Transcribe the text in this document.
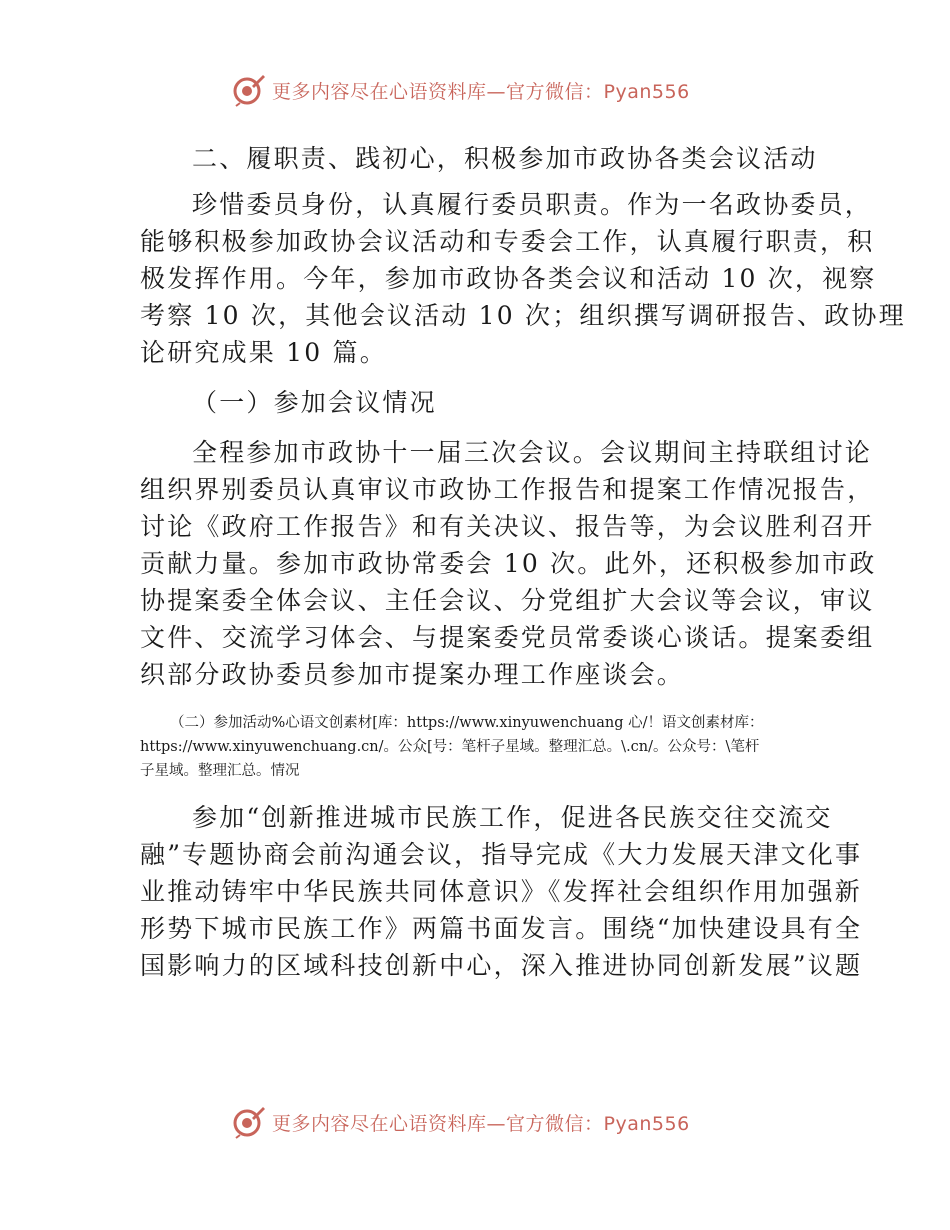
更多内容尽在心语资料库—官方微信：Pyan556
二、履职责、践初心，积极参加市政协各类会议活动
珍惜委员身份，认真履行委员职责。作为一名政协委员，
能够积极参加政协会议活动和专委会工作，认真履行职责，积
极发挥作用。今年，参加市政协各类会议和活动 10 次，视察
考察 10 次，其他会议活动 10 次；组织撰写调研报告、政协理
论研究成果 10 篇。
（一）参加会议情况
全程参加市政协十一届三次会议。会议期间主持联组讨论
组织界别委员认真审议市政协工作报告和提案工作情况报告，
讨论《政府工作报告》和有关决议、报告等，为会议胜利召开
贡献力量。参加市政协常委会 10 次。此外，还积极参加市政
协提案委全体会议、主任会议、分党组扩大会议等会议，审议
文件、交流学习体会、与提案委党员常委谈心谈话。提案委组
织部分政协委员参加市提案办理工作座谈会。
（二）参加活动%心语文创素材[库：https://www.xinyuwenchuang 心/！语文创素材库：
https://www.xinyuwenchuang.cn/。公众[号：笔杆子星域。整理汇总。\.cn/。公众号：\笔杆
子星域。整理汇总。情况
参加“创新推进城市民族工作，促进各民族交往交流交
融”专题协商会前沟通会议，指导完成《大力发展天津文化事
业推动铸牢中华民族共同体意识》《发挥社会组织作用加强新
形势下城市民族工作》两篇书面发言。围绕“加快建设具有全
国影响力的区域科技创新中心，深入推进协同创新发展”议题
更多内容尽在心语资料库—官方微信：Pyan556
